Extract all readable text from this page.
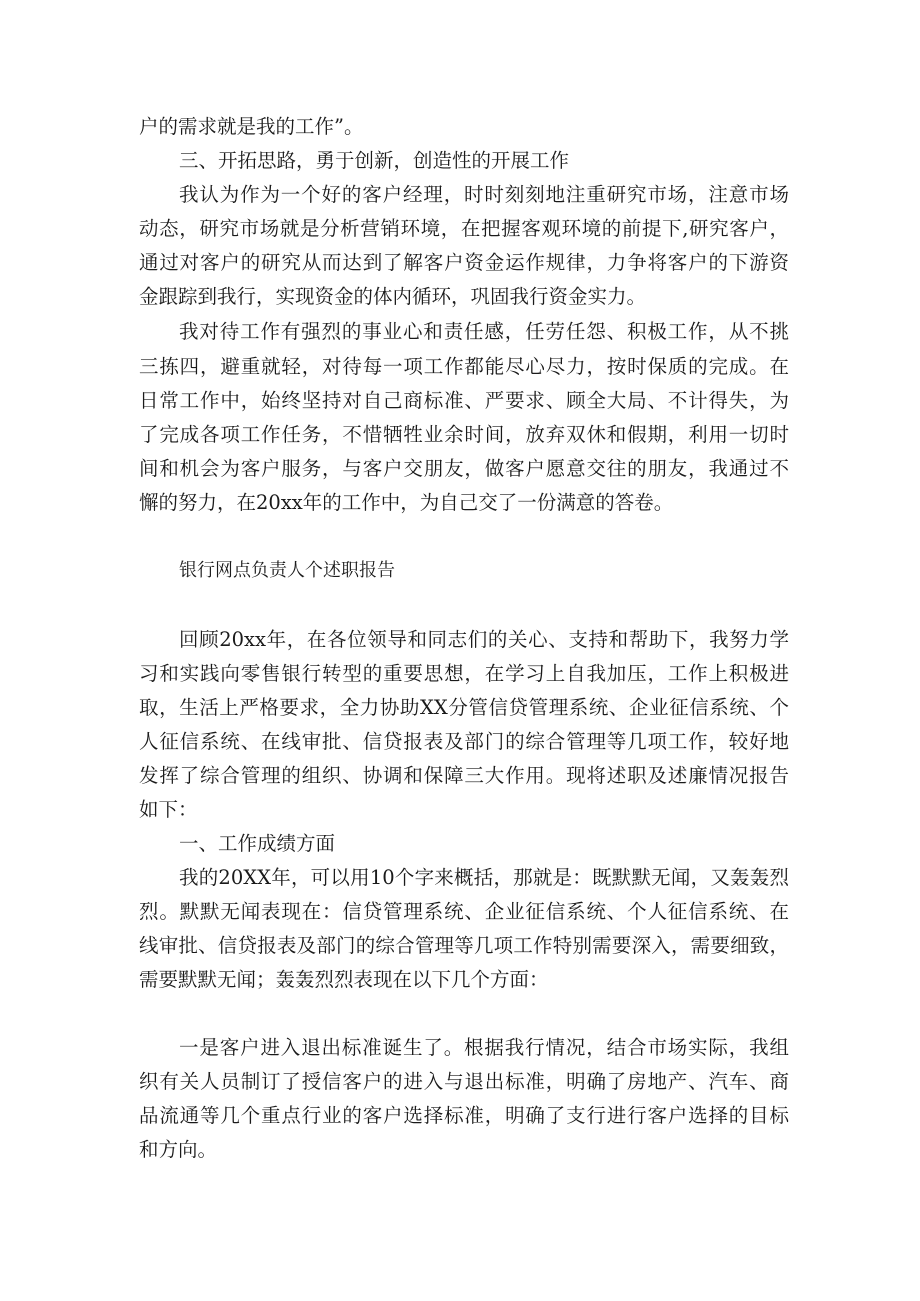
户的需求就是我的工作”。
三、开拓思路，勇于创新，创造性的开展工作
我认为作为一个好的客户经理，时时刻刻地注重研究市场，注意市场
动态，研究市场就是分析营销环境，在把握客观环境的前提下,研究客户，
通过对客户的研究从而达到了解客户资金运作规律，力争将客户的下游资
金跟踪到我行，实现资金的体内循环，巩固我行资金实力。
我对待工作有强烈的事业心和责任感，任劳任怨、积极工作，从不挑
三拣四，避重就轻，对待每一项工作都能尽心尽力，按时保质的完成。在
日常工作中，始终坚持对自己商标准、严要求、顾全大局、不计得失，为
了完成各项工作任务，不惜牺牲业余时间，放弃双休和假期，利用一切时
间和机会为客户服务，与客户交朋友，做客户愿意交往的朋友，我通过不
懈的努力，在20xx年的工作中，为自己交了一份满意的答卷。
银行网点负责人个述职报告
回顾20xx年，在各位领导和同志们的关心、支持和帮助下，我努力学
习和实践向零售银行转型的重要思想，在学习上自我加压，工作上积极进
取，生活上严格要求，全力协助XX分管信贷管理系统、企业征信系统、个
人征信系统、在线审批、信贷报表及部门的综合管理等几项工作，较好地
发挥了综合管理的组织、协调和保障三大作用。现将述职及述廉情况报告
如下：
一、工作成绩方面
我的20XX年，可以用10个字来概括，那就是：既默默无闻，又轰轰烈
烈。默默无闻表现在：信贷管理系统、企业征信系统、个人征信系统、在
线审批、信贷报表及部门的综合管理等几项工作特别需要深入，需要细致，
需要默默无闻；轰轰烈烈表现在以下几个方面：
一是客户进入退出标准诞生了。根据我行情况，结合市场实际，我组
织有关人员制订了授信客户的进入与退出标准，明确了房地产、汽车、商
品流通等几个重点行业的客户选择标准，明确了支行进行客户选择的目标
和方向。
